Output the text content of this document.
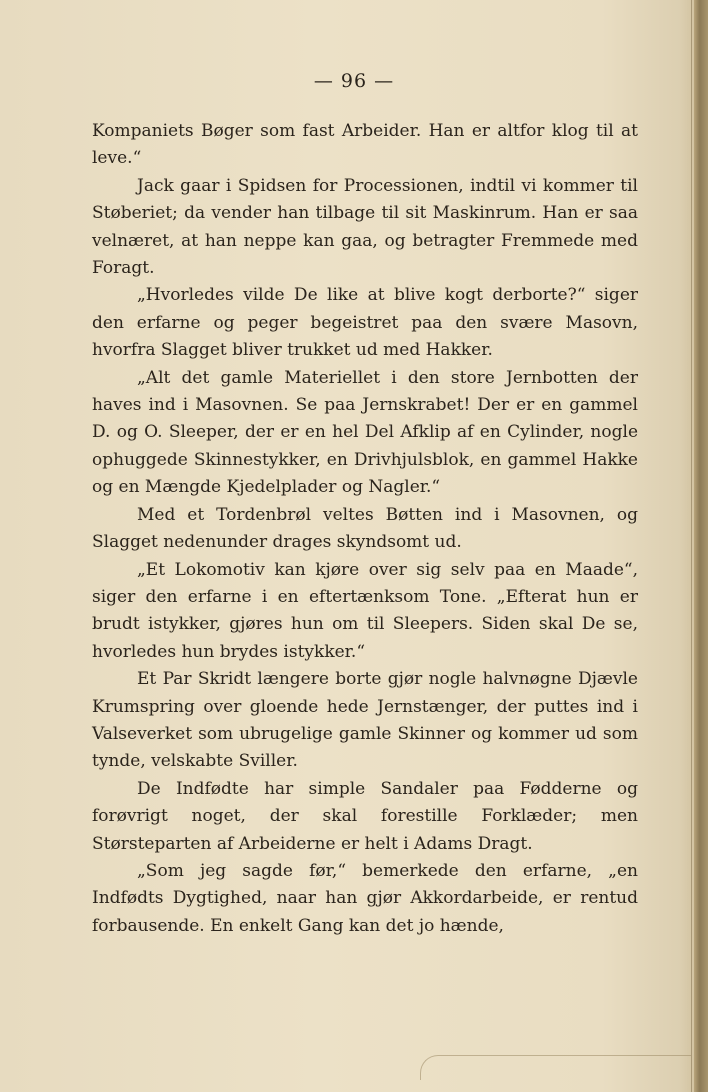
— 96 —

Kompaniets Bøger som fast Arbeider. Han er altfor klog til at leve.“

Jack gaar i Spidsen for Processionen, indtil vi kommer til Støberiet; da vender han tilbage til sit Maskinrum. Han er saa velnæret, at han neppe kan gaa, og betragter Fremmede med Foragt.

„Hvorledes vilde De like at blive kogt derborte?“ siger den erfarne og peger begeistret paa den svære Masovn, hvorfra Slagget bliver trukket ud med Hakker.

„Alt det gamle Materiellet i den store Jernbotten der haves ind i Masovnen. Se paa Jernskrabet! Der er en gammel D. og O. Sleeper, der er en hel Del Afklip af en Cylinder, nogle ophuggede Skinnestykker, en Drivhjulsblok, en gammel Hakke og en Mængde Kjedelplader og Nagler.“

Med et Tordenbrøl veltes Bøtten ind i Masovnen, og Slagget nedenunder drages skyndsomt ud.

„Et Lokomotiv kan kjøre over sig selv paa en Maade“, siger den erfarne i en eftertænksom Tone. „Efterat hun er brudt istykker, gjøres hun om til Sleepers. Siden skal De se, hvorledes hun brydes istykker.“

Et Par Skridt længere borte gjør nogle halvnøgne Djævle Krumspring over gloende hede Jernstænger, der puttes ind i Valseverket som ubrugelige gamle Skinner og kommer ud som tynde, velskabte Sviller.

De Indfødte har simple Sandaler paa Fødderne og forøvrigt noget, der skal forestille Forklæder; men Størsteparten af Arbeiderne er helt i Adams Dragt.

„Som jeg sagde før,“ bemerkede den erfarne, „en Indfødts Dygtighed, naar han gjør Akkordarbeide, er rentud forbausende. En enkelt Gang kan det jo hænde,
